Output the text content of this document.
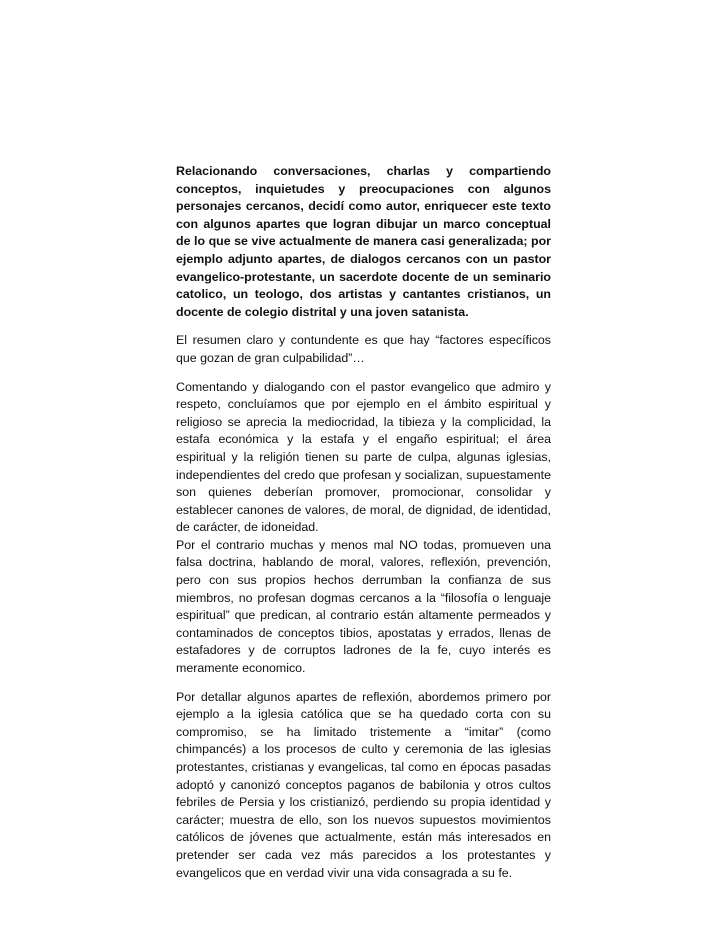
Relacionando conversaciones, charlas y compartiendo conceptos, inquietudes y preocupaciones con algunos personajes cercanos, decidí como autor, enriquecer este texto con algunos apartes que logran dibujar un marco conceptual de lo que se vive actualmente de manera casi generalizada; por ejemplo adjunto apartes, de dialogos cercanos con un pastor evangelico-protestante, un sacerdote docente de un seminario catolico, un teologo, dos artistas y cantantes cristianos, un docente de colegio distrital y una joven satanista.

El resumen claro y contundente es que hay “factores específicos que gozan de gran culpabilidad”…

Comentando y dialogando con el pastor evangelico que admiro y respeto, concluíamos que por ejemplo en el ámbito espiritual y religioso se aprecia la mediocridad, la tibieza y la complicidad, la estafa económica y la estafa y el engaño espiritual; el área espiritual y la religión tienen su parte de culpa, algunas iglesias, independientes del credo que profesan y socializan, supuestamente son quienes deberían promover, promocionar, consolidar y establecer canones de valores, de moral, de dignidad, de identidad, de carácter, de idoneidad.

Por el contrario muchas y menos mal NO todas, promueven una falsa doctrina, hablando de moral, valores, reflexión, prevención, pero con sus propios hechos derrumban la confianza de sus miembros, no profesan dogmas cercanos a la “filosofía o lenguaje espiritual” que predican, al contrario están altamente permeados y contaminados de conceptos tibios, apostatas y errados, llenas de estafadores y de corruptos ladrones de la fe, cuyo interés es meramente economico.

Por detallar algunos apartes de reflexión, abordemos primero por ejemplo a la iglesia católica que se ha quedado corta con su compromiso, se ha limitado tristemente a “imitar” (como chimpancés) a los procesos de culto y ceremonia de las iglesias protestantes, cristianas y evangelicas, tal como en épocas pasadas adoptó y canonizó conceptos paganos de babilonia y otros cultos febriles de Persia y los cristianizó, perdiendo su propia identidad y carácter; muestra de ello, son los nuevos supuestos movimientos católicos de jóvenes que actualmente, están más interesados en pretender ser cada vez más parecidos a los protestantes y evangelicos que en verdad vivir una vida consagrada a su fe.
